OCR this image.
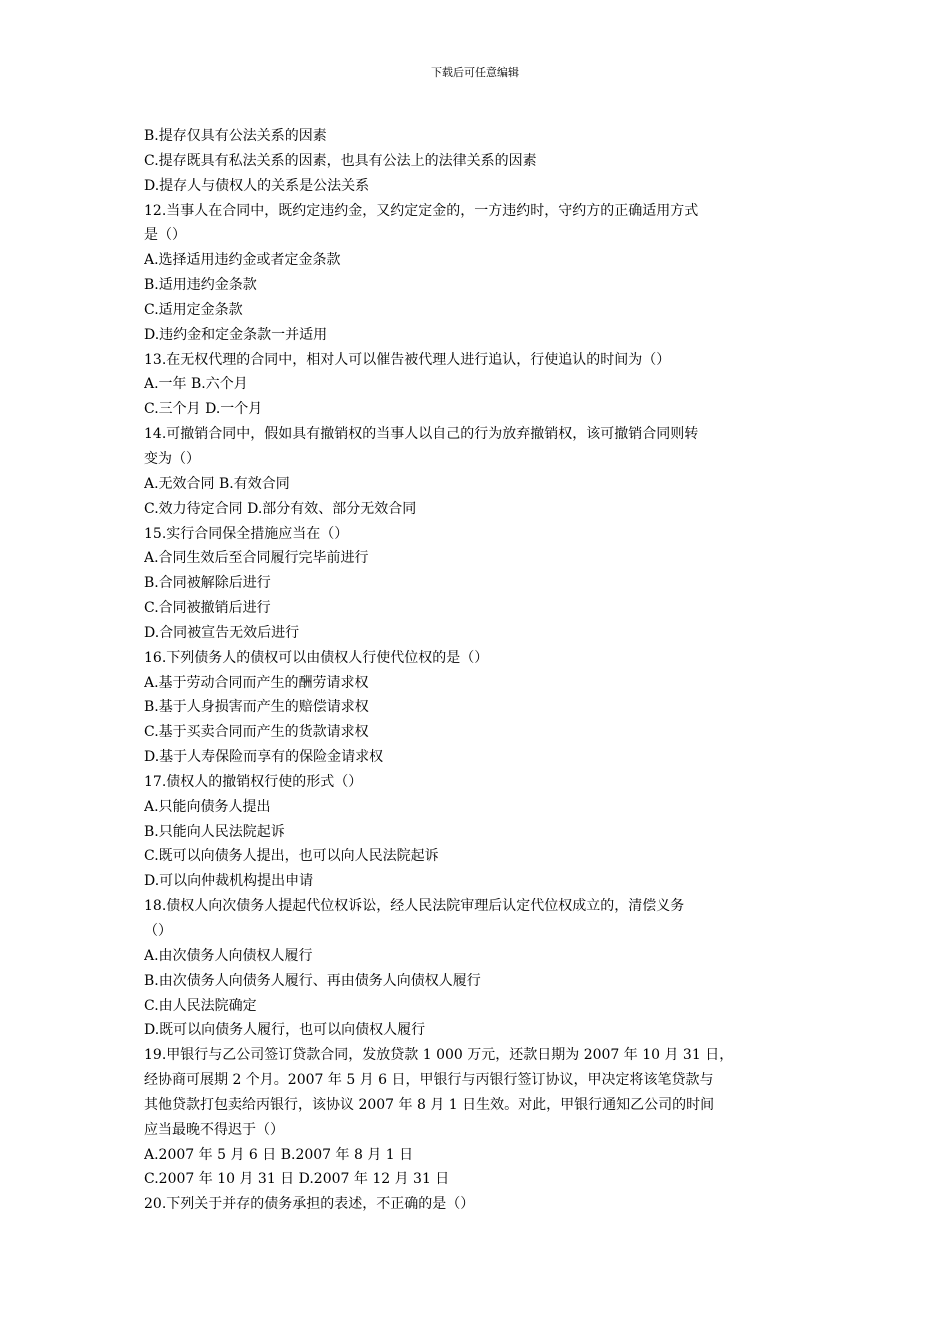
下载后可任意编辑
B.提存仅具有公法关系的因素
C.提存既具有私法关系的因素，也具有公法上的法律关系的因素
D.提存人与债权人的关系是公法关系
12.当事人在合同中，既约定违约金，又约定定金的，一方违约时，守约方的正确适用方式
是（）
A.选择适用违约金或者定金条款
B.适用违约金条款
C.适用定金条款
D.违约金和定金条款一并适用
13.在无权代理的合同中，相对人可以催告被代理人进行追认，行使追认的时间为（）
A.一年 B.六个月
C.三个月 D.一个月
14.可撤销合同中，假如具有撤销权的当事人以自己的行为放弃撤销权，该可撤销合同则转
变为（）
A.无效合同 B.有效合同
C.效力待定合同 D.部分有效、部分无效合同
15.实行合同保全措施应当在（）
A.合同生效后至合同履行完毕前进行
B.合同被解除后进行
C.合同被撤销后进行
D.合同被宣告无效后进行
16.下列债务人的债权可以由债权人行使代位权的是（）
A.基于劳动合同而产生的酬劳请求权
B.基于人身损害而产生的赔偿请求权
C.基于买卖合同而产生的货款请求权
D.基于人寿保险而享有的保险金请求权
17.债权人的撤销权行使的形式（）
A.只能向债务人提出
B.只能向人民法院起诉
C.既可以向债务人提出，也可以向人民法院起诉
D.可以向仲裁机构提出申请
18.债权人向次债务人提起代位权诉讼，经人民法院审理后认定代位权成立的，清偿义务
（）
A.由次债务人向债权人履行
B.由次债务人向债务人履行、再由债务人向债权人履行
C.由人民法院确定
D.既可以向债务人履行，也可以向债权人履行
19.甲银行与乙公司签订贷款合同，发放贷款 1 000 万元，还款日期为 2007 年 10 月 31 日，
经协商可展期 2 个月。2007 年 5 月 6 日，甲银行与丙银行签订协议，甲决定将该笔贷款与
其他贷款打包卖给丙银行，该协议 2007 年 8 月 1 日生效。对此，甲银行通知乙公司的时间
应当最晚不得迟于（）
A.2007 年 5 月 6 日 B.2007 年 8 月 1 日
C.2007 年 10 月 31 日 D.2007 年 12 月 31 日
20.下列关于并存的债务承担的表述，不正确的是（）
